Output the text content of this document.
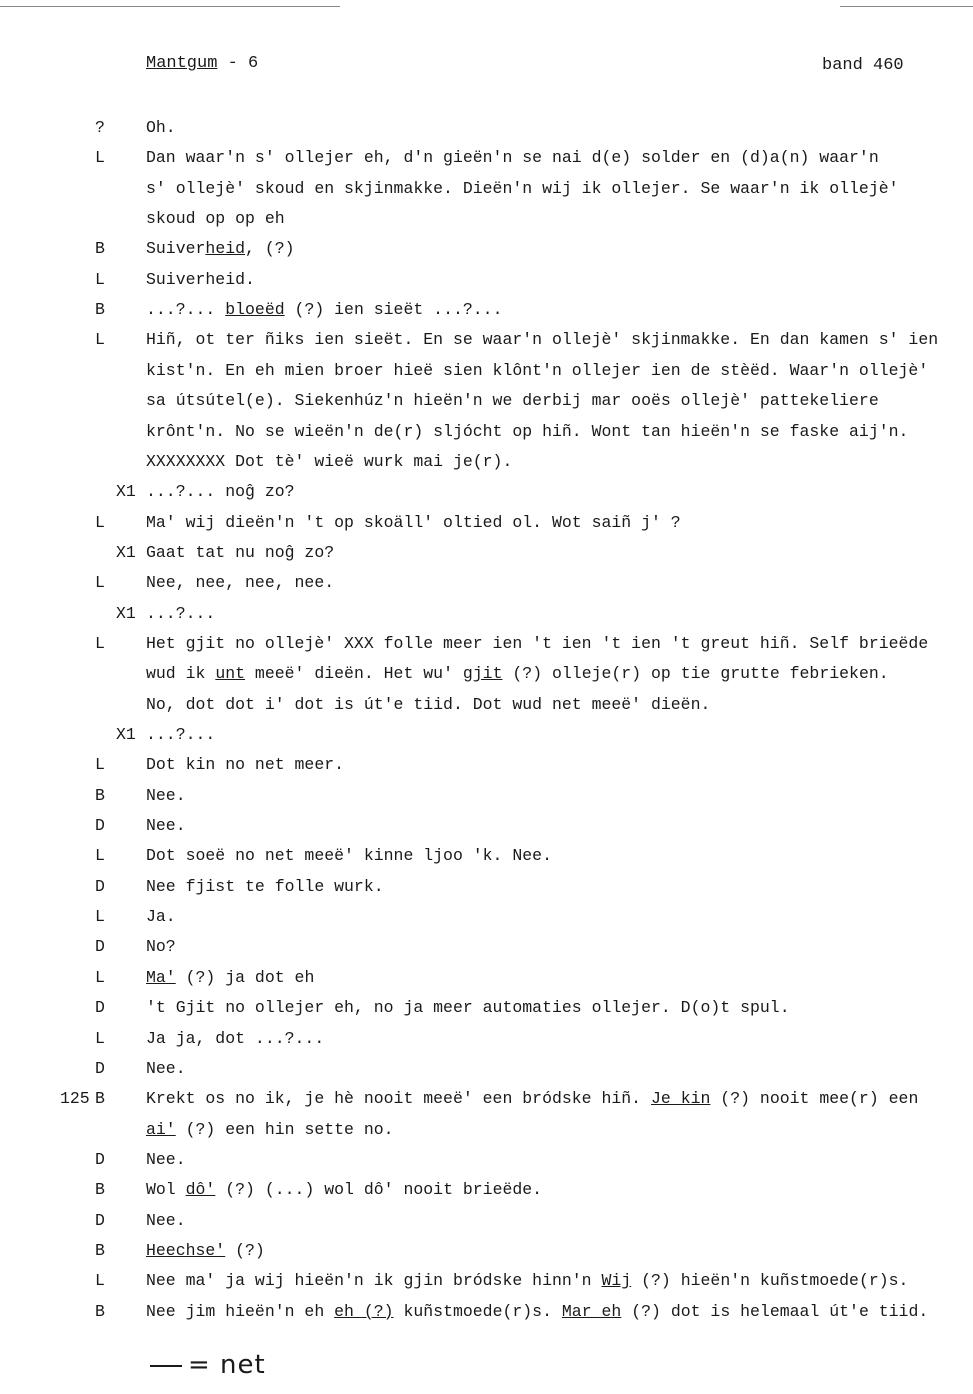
Mantgum - 6	band 460
? Oh.
L Dan waar'n s' ollejer eh, d'n gieën'n se nai d(e) solder en (d)a(n) waar'n
s' ollejè' skoud en skjinmakke. Dieën'n wij ik ollejer. Se waar'n ik ollejè'
skoud op op eh
B Suiverheid, (?)
L Suiverheid.
B ...?... bloeëd (?) ien sieët ...?...
L Hiñ, ot ter ñiks ien sieët. En se waar'n ollejè' skjinmakke. En dan kamen s' ien
kist'n. En eh mien broer hieë sien klônt'n ollejer ien de stèëd. Waar'n ollejè'
sa útsútel(e). Siekenhúz'n hieën'n we derbij mar ooës ollejè' pattekeliere
krônt'n. No se wieën'n de(r) sljócht op hiñ. Wont tan hieën'n se faske aij'n.
XXXXXXXX Dot tè' wieë wurk mai je(r).
X1 ...?... noĝ zo?
L Ma' wij dieën'n 't op skoäll' oltied ol. Wot saiñ j' ?
X1 Gaat tat nu noĝ zo?
L Nee, nee, nee, nee.
X1 ...?...
L Het gjit no ollejè' XXX folle meer ien 't ien 't ien 't greut hiñ. Self brieëde
wud ik unt meeë' dieën. Het wu' gjit (?) olleje(r) op tie grutte febrieken.
No, dot dot i' dot is út'e tiid. Dot wud net meeë' dieën.
X1 ...?...
L Dot kin no net meer.
B Nee.
D Nee.
L Dot soeë no net meeë' kinne ljoo 'k. Nee.
D Nee fjist te folle wurk.
L Ja.
D No?
L Ma' (?) ja dot eh
D 't Gjit no ollejer eh, no ja meer automaties ollejer. D(o)t spul.
L Ja ja, dot ...?...
D Nee.
125 B Krekt os no ik, je hè nooit meeë' een bródske hiñ. Je kin (?) nooit mee(r) een
ai' (?) een hin sette no.
D Nee.
B Wol dô' (?) (...) wol dô' nooit brieëde.
D Nee.
B Heechse' (?)
L Nee ma' ja wij hieën'n ik gjin bródske hinn'n Wij (?) hieën'n kuñstmoede(r)s.
B Nee jim hieën'n eh eh (?) kuñstmoede(r)s. Mar eh (?) dot is helemaal út'e tiid.
= net
